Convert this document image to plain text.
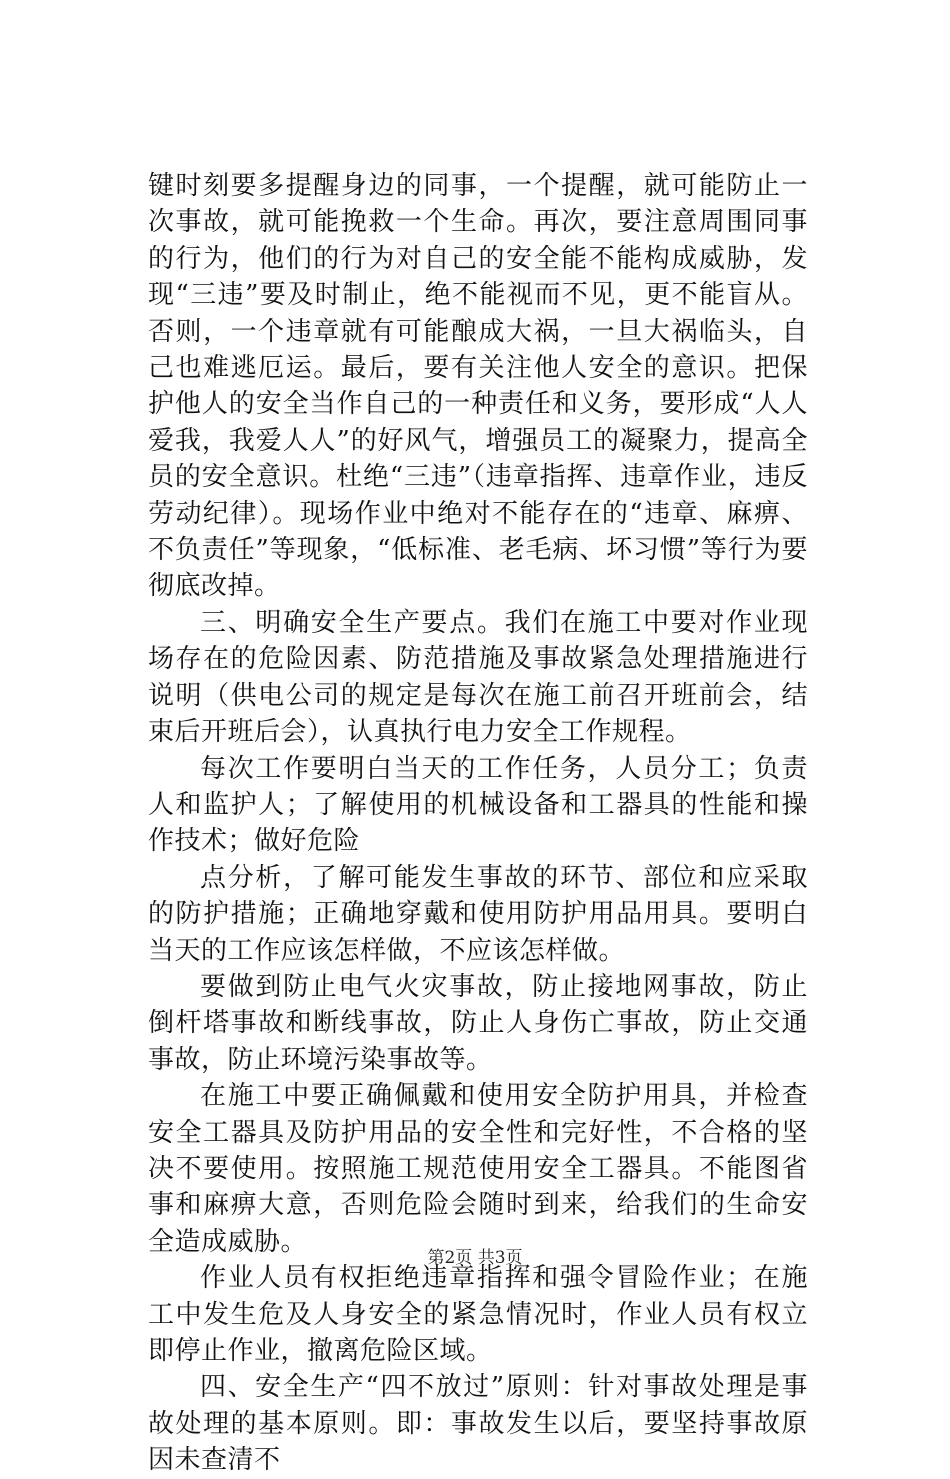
键时刻要多提醒身边的同事，一个提醒，就可能防止一次事故，就可能挽救一个生命。再次，要注意周围同事的行为，他们的行为对自己的安全能不能构成威胁，发现“三违”要及时制止，绝不能视而不见，更不能盲从。否则，一个违章就有可能酿成大祸，一旦大祸临头，自己也难逃厄运。最后，要有关注他人安全的意识。把保护他人的安全当作自己的一种责任和义务，要形成“人人爱我，我爱人人”的好风气，增强员工的凝聚力，提高全员的安全意识。杜绝“三违”（违章指挥、违章作业，违反劳动纪律）。现场作业中绝对不能存在的“违章、麻痹、不负责任”等现象，“低标准、老毛病、坏习惯”等行为要彻底改掉。

三、明确安全生产要点。我们在施工中要对作业现场存在的危险因素、防范措施及事故紧急处理措施进行说明（供电公司的规定是每次在施工前召开班前会，结束后开班后会），认真执行电力安全工作规程。

每次工作要明白当天的工作任务，人员分工；负责人和监护人；了解使用的机械设备和工器具的性能和操作技术；做好危险

点分析，了解可能发生事故的环节、部位和应采取的防护措施；正确地穿戴和使用防护用品用具。要明白当天的工作应该怎样做，不应该怎样做。

要做到防止电气火灾事故，防止接地网事故，防止倒杆塔事故和断线事故，防止人身伤亡事故，防止交通事故，防止环境污染事故等。

在施工中要正确佩戴和使用安全防护用具，并检查安全工器具及防护用品的安全性和完好性，不合格的坚决不要使用。按照施工规范使用安全工器具。不能图省事和麻痹大意，否则危险会随时到来，给我们的生命安全造成威胁。

作业人员有权拒绝违章指挥和强令冒险作业；在施工中发生危及人身安全的紧急情况时，作业人员有权立即停止作业，撤离危险区域。

四、安全生产“四不放过”原则：针对事故处理是事故处理的基本原则。即：事故发生以后，要坚持事故原因未查清不

第2页 共3页
